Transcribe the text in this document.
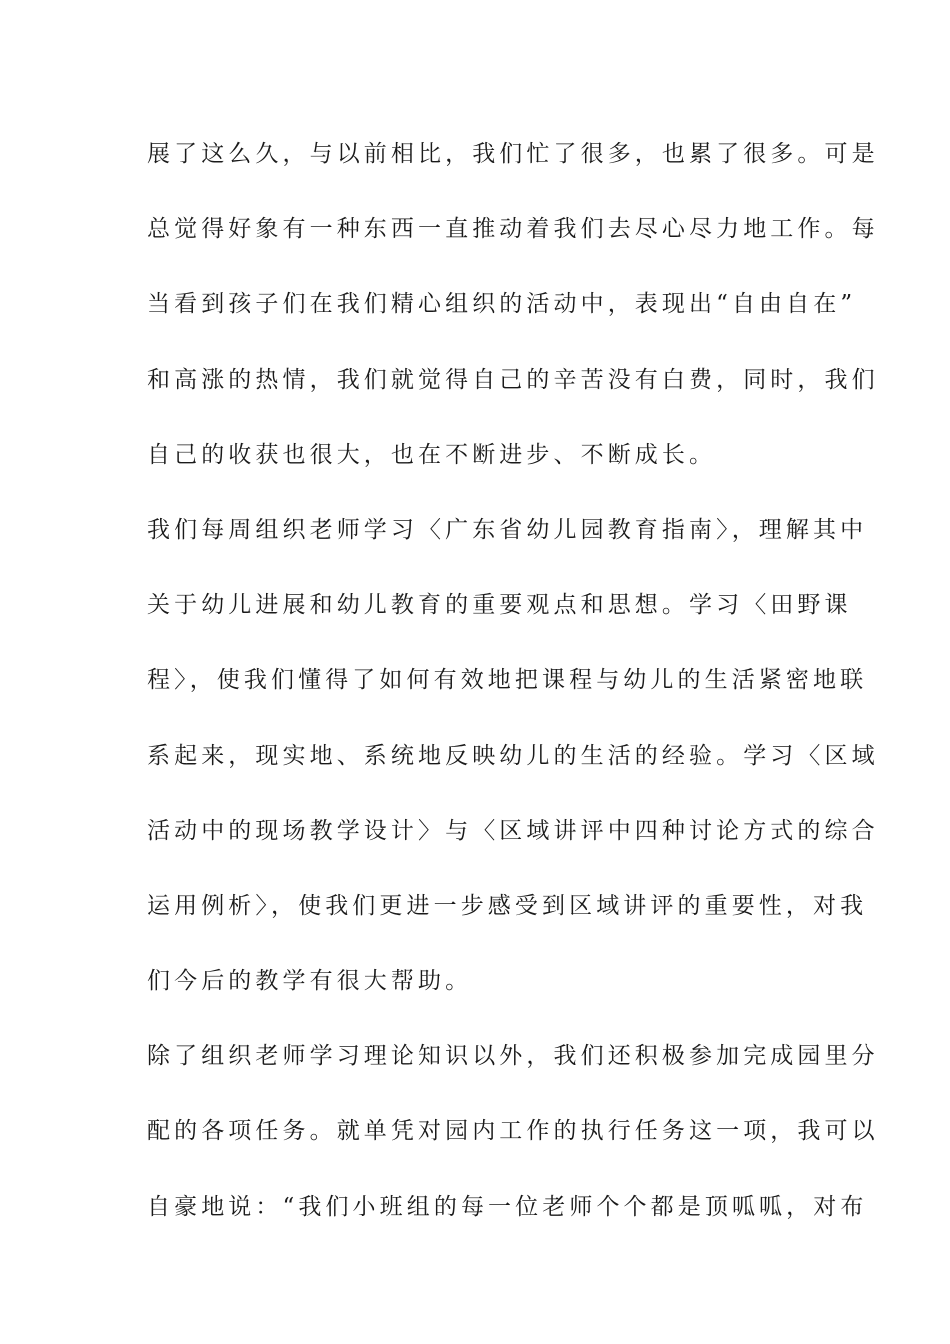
展了这么久，与以前相比，我们忙了很多，也累了很多。可是
总觉得好象有一种东西一直推动着我们去尽心尽力地工作。每
当看到孩子们在我们精心组织的活动中，表现出“自由自在”
和高涨的热情，我们就觉得自己的辛苦没有白费，同时，我们
自己的收获也很大，也在不断进步、不断成长。
我们每周组织老师学习〈广东省幼儿园教育指南〉，理解其中
关于幼儿进展和幼儿教育的重要观点和思想。学习〈田野课
程〉，使我们懂得了如何有效地把课程与幼儿的生活紧密地联
系起来，现实地、系统地反映幼儿的生活的经验。学习〈区域
活动中的现场教学设计〉与〈区域讲评中四种讨论方式的综合
运用例析〉，使我们更进一步感受到区域讲评的重要性，对我
们今后的教学有很大帮助。
除了组织老师学习理论知识以外，我们还积极参加完成园里分
配的各项任务。就单凭对园内工作的执行任务这一项，我可以
自豪地说：“我们小班组的每一位老师个个都是顶呱呱，对布
